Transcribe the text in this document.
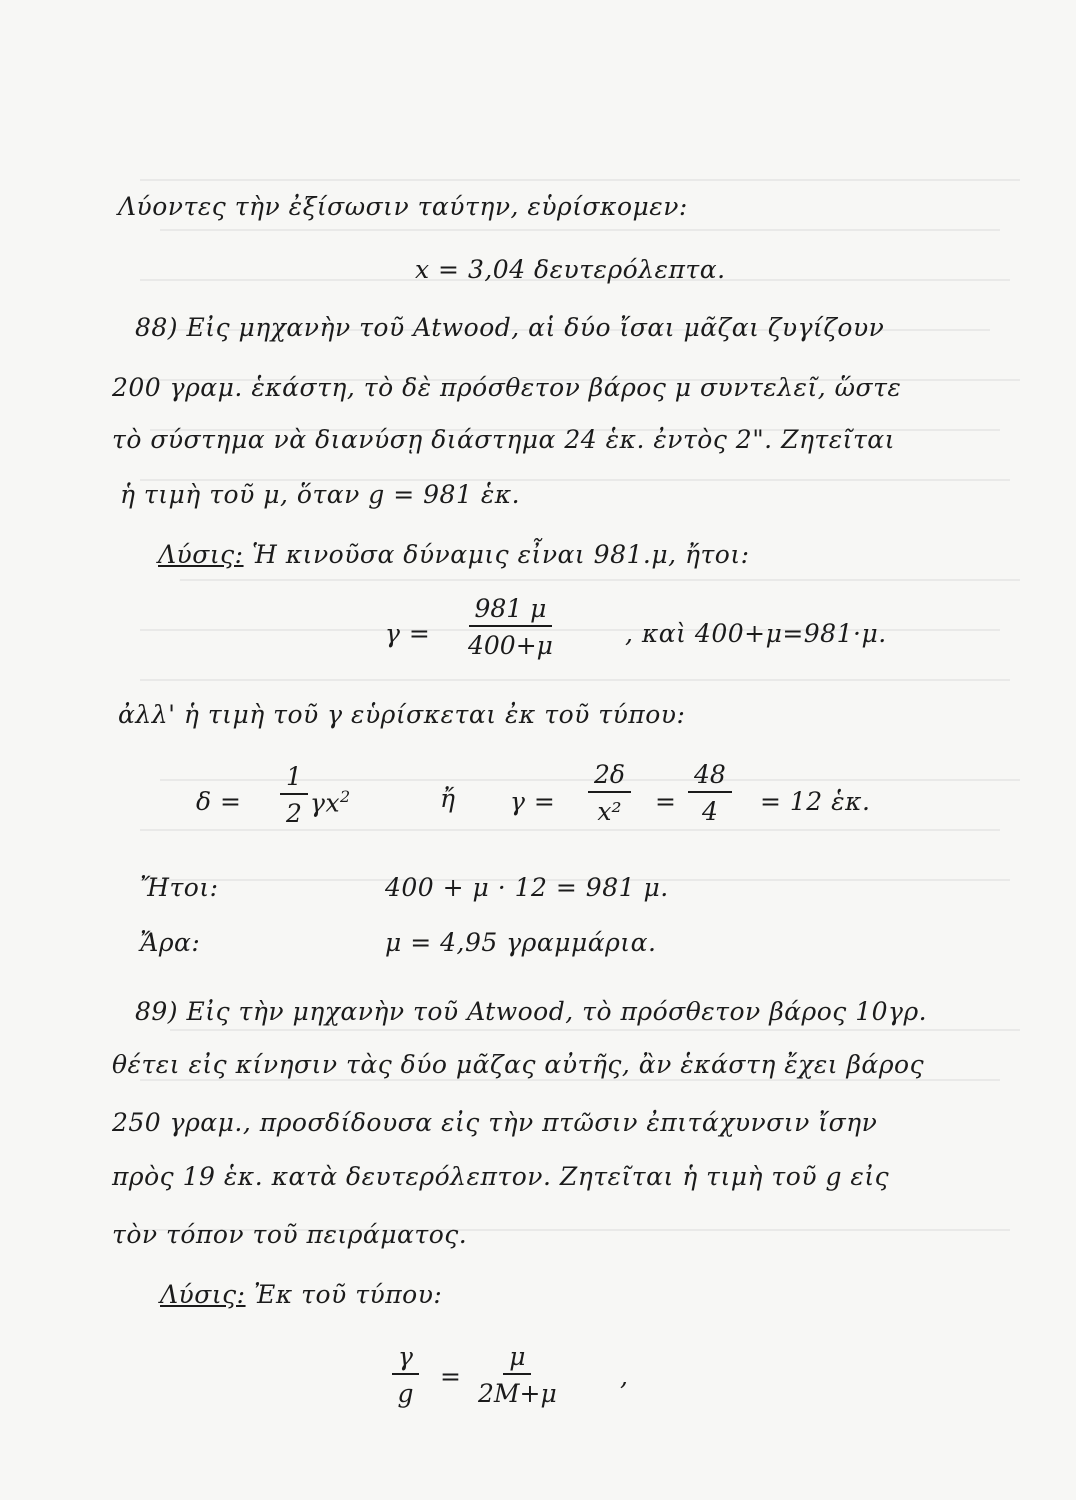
Λύοντες τὴν ἐξίσωσιν ταύτην, εὑρίσκομεν:
x = 3,04 δευτερόλεπτα.
88) Εἰς μηχανὴν τοῦ Atwood, αἱ δύο ἴσαι μᾶζαι ζυγίζουν
200 γραμ. ἑκάστη, τὸ δὲ πρόσθετον βάρος μ συντελεῖ, ὥστε
τὸ σύστημα νὰ διανύσῃ διάστημα 24 ἑκ. ἐντὸς 2". Ζητεῖται
ἡ τιμὴ τοῦ μ, ὅταν g = 981 ἑκ.
Λύσις: Ἡ κινοῦσα δύναμις εἶναι 981.μ, ἤτοι:
$\gamma = \frac{981 \mu}{400+\mu}$	, καὶ 400+μ=981·μ.
ἀλλ' ἡ τιμὴ τοῦ γ εὑρίσκεται ἐκ τοῦ τύπου:
$\delta = \frac{1}{2} \gamma x^2$	ἤ $\gamma = \frac{2\delta}{\text{x²}} = \frac{48}{4} = 12$ ἑκ.
Ἤτοι:	400 + μ · 12 = 981 μ.
Ἄρα:	μ = 4,95 γραμμάρια.
89) Εἰς τὴν μηχανὴν τοῦ Atwood, τὸ πρόσθετον βάρος 10γρ.
θέτει εἰς κίνησιν τὰς δύο μᾶζας αὐτῆς, ἂν ἑκάστη ἔχει βάρος
250 γραμ., προσδίδουσα εἰς τὴν πτῶσιν ἐπιτάχυνσιν ἴσην
πρὸς 19 ἑκ. κατὰ δευτερόλεπτον. Ζητεῖται ἡ τιμὴ τοῦ g εἰς
τὸν τόπον τοῦ πειράματος.
Λύσις: Ἐκ τοῦ τύπου:
$\frac{\gamma}{g} = \frac{\mu}{2M+\mu}$	,
